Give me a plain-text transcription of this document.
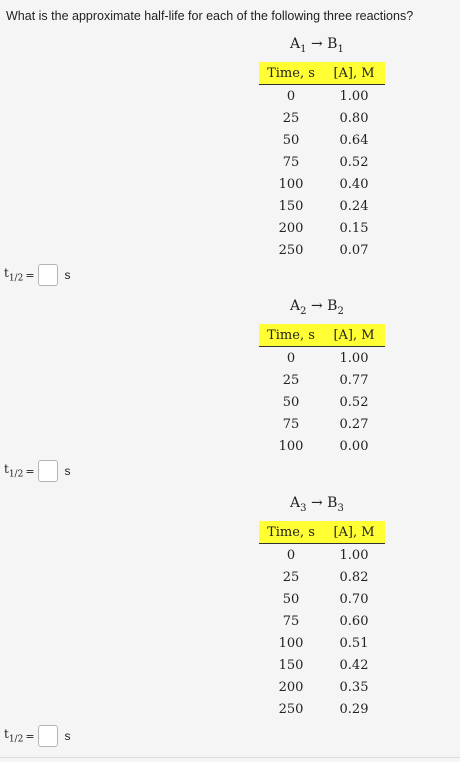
What is the approximate half-life for each of the following three reactions?
$A_1 \to B_1$
Time, s	[A], M
0	1.00
25	0.80
50	0.64
75	0.52
100	0.40
150	0.24
200	0.15
250	0.07
$t_{1/2}$ =	s
$A_2 \to B_2$
Time, s	[A], M
0	1.00
25	0.77
50	0.52
75	0.27
100	0.00
$t_{1/2}$ =	s
$A_3 \to B_3$
Time, s	[A], M
0	1.00
25	0.82
50	0.70
75	0.60
100	0.51
150	0.42
200	0.35
250	0.29
$t_{1/2}$ =	s
